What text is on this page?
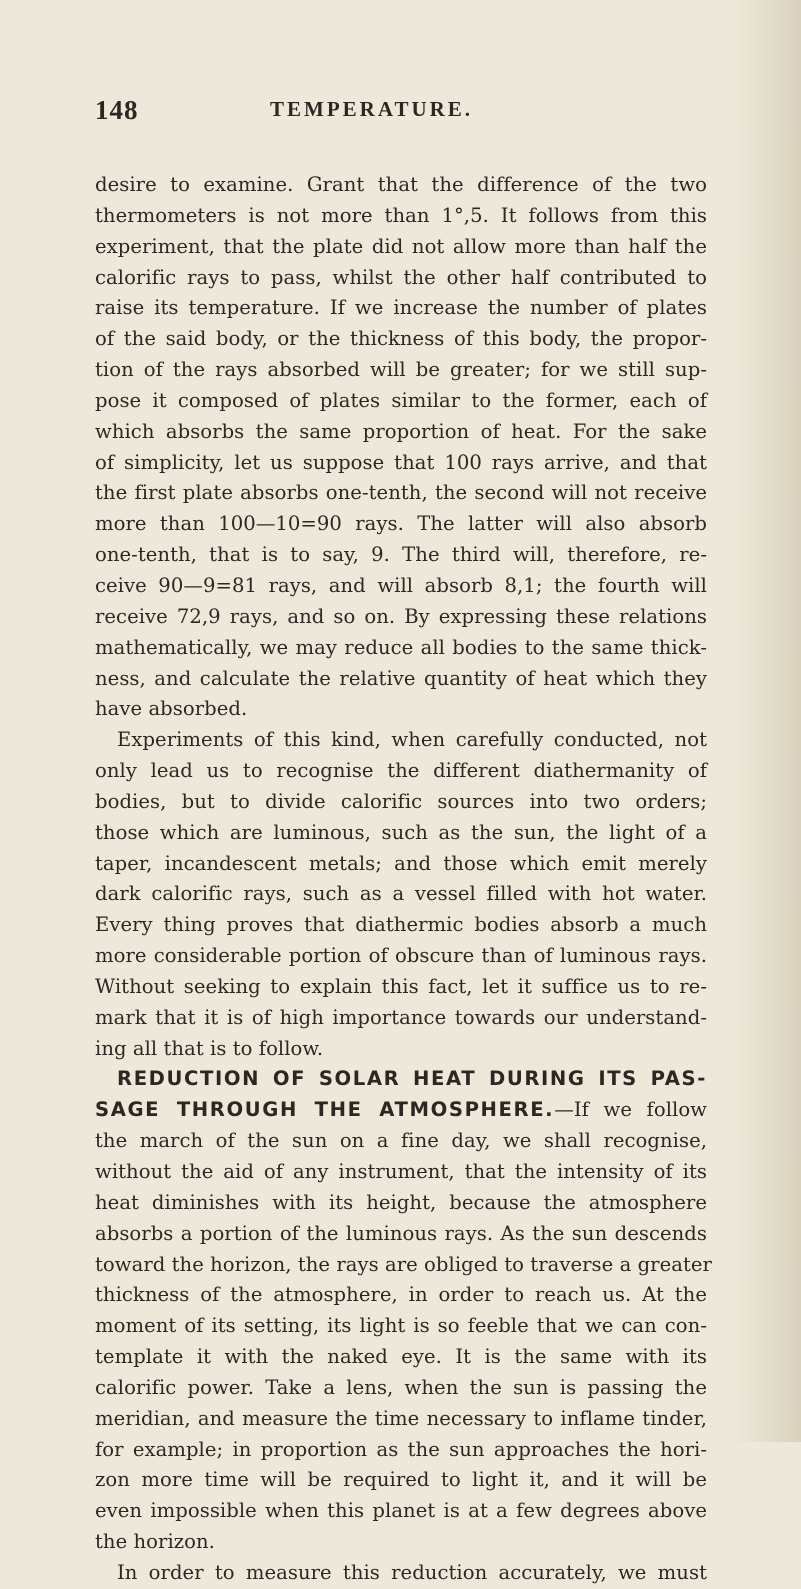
148	TEMPERATURE.
desire to examine. Grant that the difference of the two
thermometers is not more than 1°,5. It follows from this
experiment, that the plate did not allow more than half the
calorific rays to pass, whilst the other half contributed to
raise its temperature. If we increase the number of plates
of the said body, or the thickness of this body, the propor-
tion of the rays absorbed will be greater; for we still sup-
pose it composed of plates similar to the former, each of
which absorbs the same proportion of heat. For the sake
of simplicity, let us suppose that 100 rays arrive, and that
the first plate absorbs one-tenth, the second will not receive
more than 100—10=90 rays. The latter will also absorb
one-tenth, that is to say, 9. The third will, therefore, re-
ceive 90—9=81 rays, and will absorb 8,1; the fourth will
receive 72,9 rays, and so on. By expressing these relations
mathematically, we may reduce all bodies to the same thick-
ness, and calculate the relative quantity of heat which they
have absorbed.
Experiments of this kind, when carefully conducted, not
only lead us to recognise the different diathermanity of
bodies, but to divide calorific sources into two orders;
those which are luminous, such as the sun, the light of a
taper, incandescent metals; and those which emit merely
dark calorific rays, such as a vessel filled with hot water.
Every thing proves that diathermic bodies absorb a much
more considerable portion of obscure than of luminous rays.
Without seeking to explain this fact, let it suffice us to re-
mark that it is of high importance towards our understand-
ing all that is to follow.
REDUCTION OF SOLAR HEAT DURING ITS PAS-
SAGE THROUGH THE ATMOSPHERE.—If we follow
the march of the sun on a fine day, we shall recognise,
without the aid of any instrument, that the intensity of its
heat diminishes with its height, because the atmosphere
absorbs a portion of the luminous rays. As the sun descends
toward the horizon, the rays are obliged to traverse a greater
thickness of the atmosphere, in order to reach us. At the
moment of its setting, its light is so feeble that we can con-
template it with the naked eye. It is the same with its
calorific power. Take a lens, when the sun is passing the
meridian, and measure the time necessary to inflame tinder,
for example; in proportion as the sun approaches the hori-
zon more time will be required to light it, and it will be
even impossible when this planet is at a few degrees above
the horizon.
In order to measure this reduction accurately, we must
